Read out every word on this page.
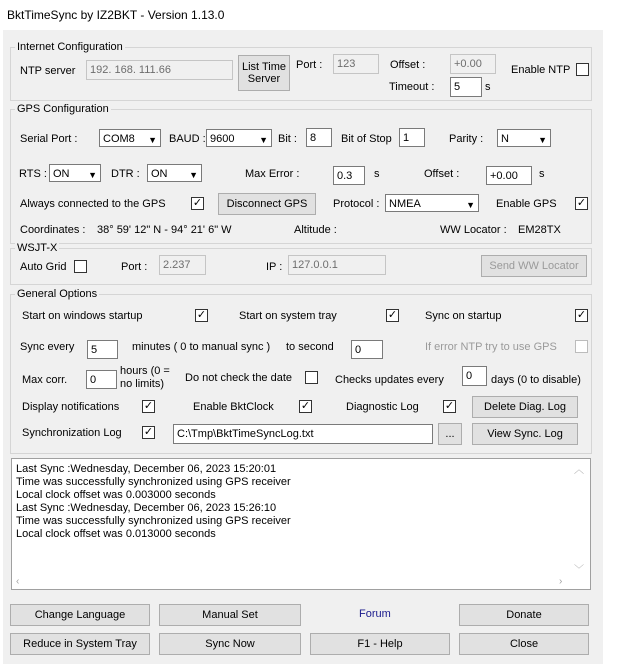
BktTimeSync by IZ2BKT - Version 1.13.0
Internet Configuration
NTP server	192. 168. 111.66	List Time Server
Port :	123	Offset :	+0.00
Timeout :	5	s
Enable NTP
GPS Configuration
Serial Port :	COM8 ▼ BAUD : 9600	▼ Bit :	8	Bit of Stop	1	Parity :	N	▼
RTS : ON ▼ DTR :	ON ▼	Max Error :	0.3	s	Offset :	+0.00	s
Always connected to the GPS ✓	Disconnect GPS	Protocol : NMEA	▼ Enable GPS ✓
Coordinates : 38° 59' 12" N - 94° 21' 6" W	Altitude :	WW Locator : EM28TX
WSJT-X
Auto Grid	Port :	2.237	IP : 127.0.0.1	Send WW Locator
General Options
Start on windows startup	✓	Start on system tray	✓	Sync on startup	✓
Sync every	5	minutes ( 0 to manual sync ) to second	0	If error NTP try to use GPS
Max corr.	0
hours (0 = no limits)	Do not check the date	Checks updates every	0	days (0 to disable)
Display notifications ✓	Enable BktClock ✓	Diagnostic Log ✓	Delete Diag. Log
Synchronization Log ✓	C:\Tmp\BktTimeSyncLog.txt	...	View Sync. Log
Last Sync :Wednesday, December 06, 2023 15:20:01
Time was successfully synchronized using GPS receiver
Local clock offset was 0.003000 seconds
Last Sync :Wednesday, December 06, 2023 15:26:10
Time was successfully synchronized using GPS receiver
Local clock offset was 0.013000 seconds
︿
﹀
‹	›
Change Language	Manual Set	Forum	Donate
Reduce in System Tray	Sync Now	F1 - Help	Close
